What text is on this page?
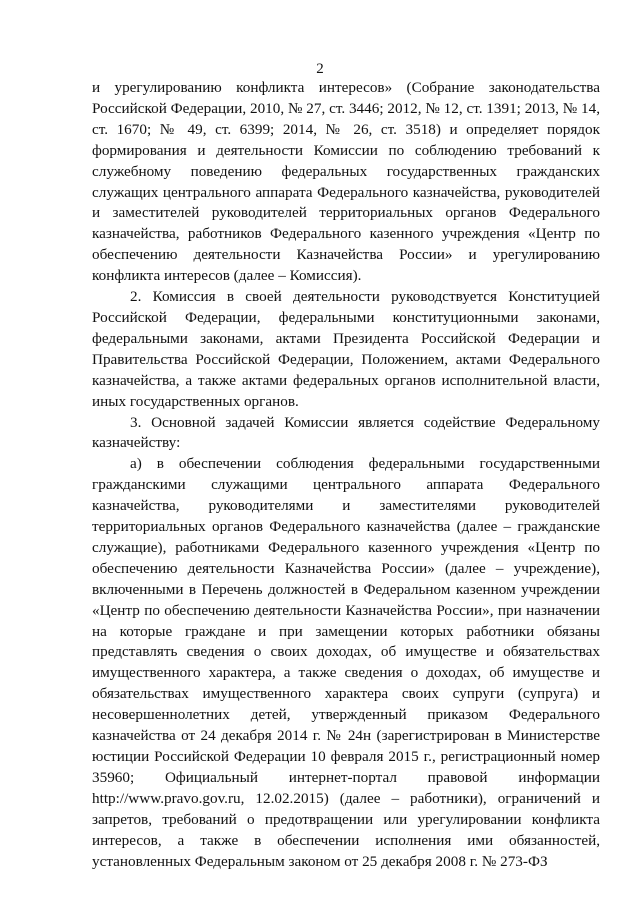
2

и урегулированию конфликта интересов» (Собрание законодательства Российской Федерации, 2010, № 27, ст. 3446; 2012, № 12, ст. 1391; 2013, № 14, ст. 1670; № 49, ст. 6399; 2014, № 26, ст. 3518) и определяет порядок формирования и деятельности Комиссии по соблюдению требований к служебному поведению федеральных государственных гражданских служащих центрального аппарата Федерального казначейства, руководителей и заместителей руководителей территориальных органов Федерального казначейства, работников Федерального казенного учреждения «Центр по обеспечению деятельности Казначейства России» и урегулированию конфликта интересов (далее – Комиссия).

2. Комиссия в своей деятельности руководствуется Конституцией Российской Федерации, федеральными конституционными законами, федеральными законами, актами Президента Российской Федерации и Правительства Российской Федерации, Положением, актами Федерального казначейства, а также актами федеральных органов исполнительной власти, иных государственных органов.

3. Основной задачей Комиссии является содействие Федеральному казначейству:

а) в обеспечении соблюдения федеральными государственными гражданскими служащими центрального аппарата Федерального казначейства, руководителями и заместителями руководителей территориальных органов Федерального казначейства (далее – гражданские служащие), работниками Федерального казенного учреждения «Центр по обеспечению деятельности Казначейства России» (далее – учреждение), включенными в Перечень должностей в Федеральном казенном учреждении «Центр по обеспечению деятельности Казначейства России», при назначении на которые граждане и при замещении которых работники обязаны представлять сведения о своих доходах, об имуществе и обязательствах имущественного характера, а также сведения о доходах, об имуществе и обязательствах имущественного характера своих супруги (супруга) и несовершеннолетних детей, утвержденный приказом Федерального казначейства от 24 декабря 2014 г. № 24н (зарегистрирован в Министерстве юстиции Российской Федерации 10 февраля 2015 г., регистрационный номер 35960; Официальный интернет-портал правовой информации http://www.pravo.gov.ru, 12.02.2015) (далее – работники), ограничений и запретов, требований о предотвращении или урегулировании конфликта интересов, а также в обеспечении исполнения ими обязанностей, установленных Федеральным законом от 25 декабря 2008 г. № 273-ФЗ
